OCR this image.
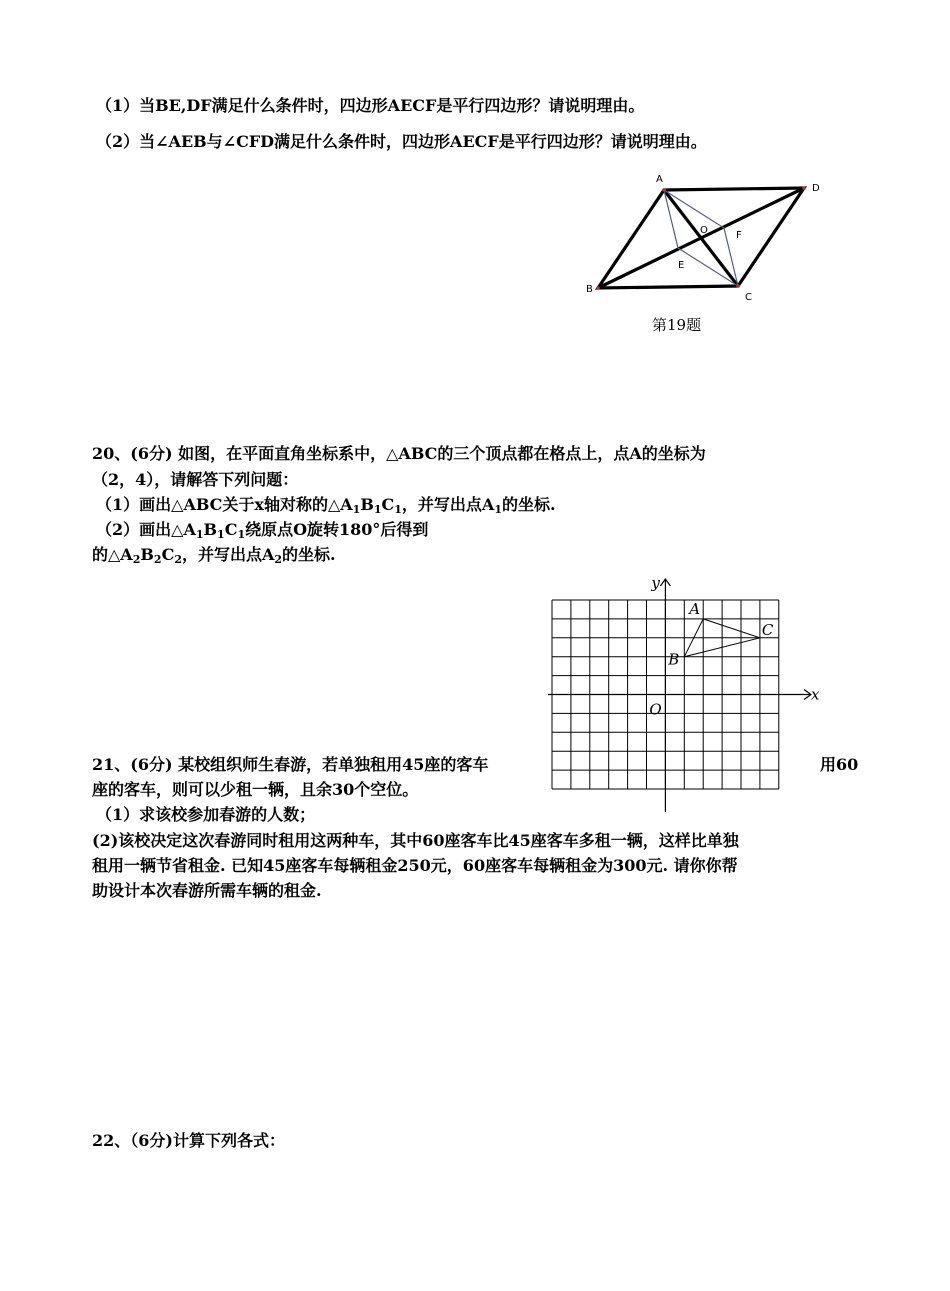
（1）当BE,DF满足什么条件时，四边形AECF是平行四边形？请说明理由。
（2）当∠AEB与∠CFD满足什么条件时，四边形AECF是平行四边形？请说明理由。
A
D
B
C
E
F
O
第19题
20、(6分) 如图，在平面直角坐标系中，△ABC的三个顶点都在格点上，点A的坐标为
（2，4），请解答下列问题：
（1）画出△ABC关于x轴对称的$\triangle A_1B_1C_1$，并写出点$A_1$的坐标.
（2）画出$\triangle A_1B_1C_1$绕原点O旋转180°后得到
的$\triangle A_2B_2C_2$，并写出点$A_2$的坐标.
21、(6分) 某校组织师生春游，若单独租用45座的客车	用60
座的客车，则可以少租一辆，且余30个空位。
（1）求该校参加春游的人数；
(2)该校决定这次春游同时租用这两种车，其中60座客车比45座客车多租一辆，这样比单独
租用一辆节省租金. 已知45座客车每辆租金250元，60座客车每辆租金为300元. 请你你帮
助设计本次春游所需车辆的租金.
y
x
O
A
B
C
22、（6分)计算下列各式：
